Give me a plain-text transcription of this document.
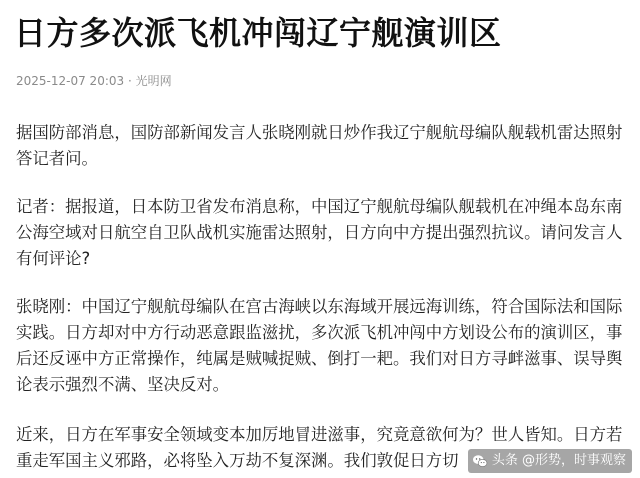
日方多次派飞机冲闯辽宁舰演训区
2025-12-07 20:03 · 光明网

据国防部消息，国防部新闻发言人张晓刚就日炒作我辽宁舰航母编队舰载机雷达照射
答记者问。

记者：据报道，日本防卫省发布消息称，中国辽宁舰航母编队舰载机在冲绳本岛东南
公海空域对日航空自卫队战机实施雷达照射，日方向中方提出强烈抗议。请问发言人
有何评论?

张晓刚：中国辽宁舰航母编队在宫古海峡以东海域开展远海训练，符合国际法和国际
实践。日方却对中方行动恶意跟监滋扰，多次派飞机冲闯中方划设公布的演训区，事
后还反诬中方正常操作，纯属是贼喊捉贼、倒打一耙。我们对日方寻衅滋事、误导舆
论表示强烈不满、坚决反对。

近来，日方在军事安全领域变本加厉地冒进滋事，究竟意欲何为？世人皆知。日方若
重走军国主义邪路，必将坠入万劫不复深渊。我们敦促日方切	头条 @形势，时事观察
